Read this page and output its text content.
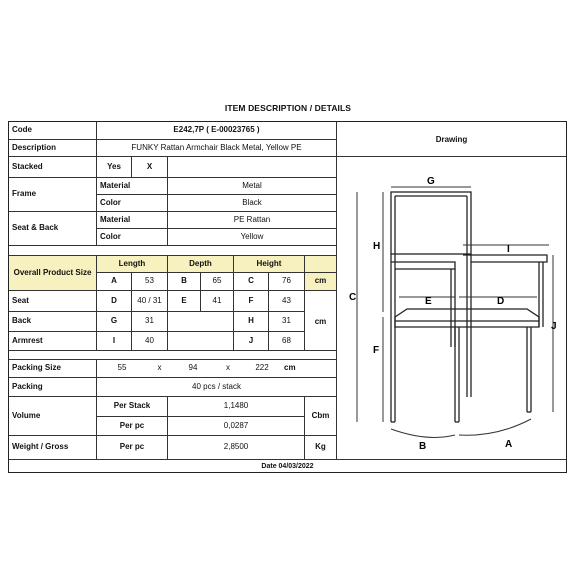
ITEM DESCRIPTION / DETAILS
Code	E242,7P ( E-00023765 )
Description	FUNKY Rattan Armchair Black Metal, Yellow PE
Stacked	Yes	X
Frame
Material	Metal
Color	Black
Seat & Back
Material	PE Rattan
Color	Yellow
Overall Product Size
Length	Depth	Height
A	53	B	65	C	76	cm
Seat	D	40 / 31	E	41	F	43
Back	G	31	H	31	cm
Armrest	I	40	J	68
Packing Size	55	x	94	x	222	cm
Packing	40 pcs / stack
Volume
Per Stack	1,1480
Per pc	0,0287
Cbm
Weight / Gross	Per pc	2,8500	Kg
Drawing
G
H	I
C	E	D
F
J
B	A
Date 04/03/2022
